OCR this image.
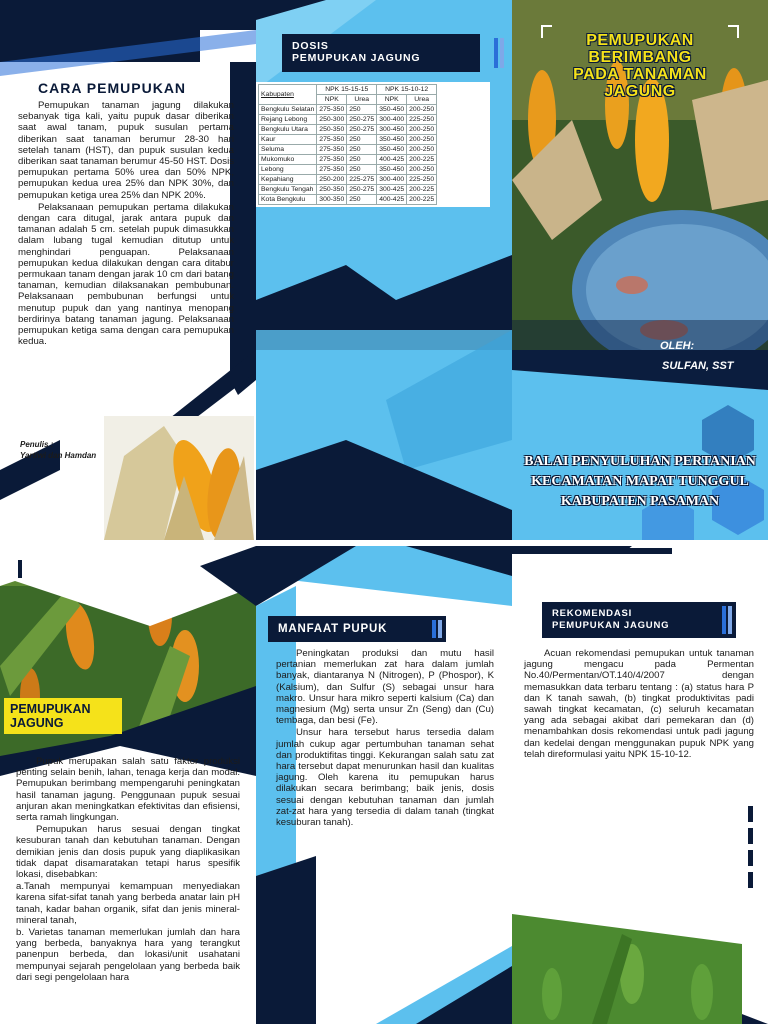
CARA PEMUPUKAN

Pemupukan tanaman jagung dilakukan sebanyak tiga kali, yaitu pupuk dasar diberikan saat awal tanam, pupuk susulan pertama diberikan saat tanaman berumur 28-30 hari setelah tanam (HST), dan pupuk susulan kedua diberikan saat tanaman berumur 45-50 HST. Dosis pemupukan pertama 50% urea dan 50% NPK, pemupukan kedua urea 25% dan NPK 30%, dan pemupukan ketiga urea 25% dan NPK 20%.

Pelaksanaan pemupukan pertama dilakukan dengan cara ditugal, jarak antara pupuk dan tamanan adalah 5 cm. setelah pupuk dimasukkan dalam lubang tugal kemudian ditutup untuk menghindari penguapan. Pelaksanaan pemupukan kedua dilakukan dengan cara ditabur permukaan tanam dengan jarak 10 cm dari batang tanaman, kemudian dilaksanakan pembubunan. Pelaksanaan pembubunan berfungsi untuk menutup pupuk dan yang nantinya menopang berdirinya batang tanaman jagung. Pelaksanaan pemupukan ketiga sama dengan cara pemupukan kedua.

Penulis :
Yartiwi dan Hamdan
DOSIS
PEMUPUKAN JAGUNG
Kabupaten	NPK 15-15-15		NPK 15-10-12	
	NPK	Urea	NPK	Urea
Bengkulu Selatan	275-350	250	350-450	200-250
Rejang Lebong	250-300	250-275	300-400	225-250
Bengkulu Utara	250-350	250-275	300-450	200-250
Kaur	275-350	250	350-450	200-250
Seluma	275-350	250	350-450	200-250
Mukomuko	275-350	250	400-425	200-225
Lebong	275-350	250	350-450	200-250
Kepahiang	250-200	225-275	300-400	225-250
Bengkulu Tengah	250-350	250-275	300-425	200-225
Kota Bengkulu	300-350	250	400-425	200-225
PEMUPUKAN
BERIMBANG
PADA TANAMAN
JAGUNG
OLEH:
SULFAN, SST
BALAI PENYULUHAN PERTANIAN
KECAMATAN MAPAT TUNGGUL
KABUPATEN PASAMAN
PEMUPUKAN
JAGUNG

Pupuk merupakan salah satu faktor produksi penting selain benih, lahan, tenaga kerja dan modal. Pemupukan berimbang mempengaruhi peningkatan hasil tanaman jagung. Penggunaan pupuk sesuai anjuran akan meningkatkan efektivitas dan efisiensi, serta ramah lingkungan.

Pemupukan harus sesuai dengan tingkat kesuburan tanah dan kebutuhan tanaman. Dengan demikian jenis dan dosis pupuk yang diaplikasikan tidak dapat disamaratakan tetapi harus spesifik lokasi, disebabkan:

a.Tanah mempunyai kemampuan menyediakan karena sifat-sifat tanah yang berbeda anatar lain pH tanah, kadar bahan organik, sifat dan jenis mineral-mineral tanah,

b. Varietas tanaman memerlukan jumlah dan hara yang berbeda, banyaknya hara yang terangkut panenpun berbeda, dan lokasi/unit usahatani mempunyai sejarah pengelolaan yang berbeda baik dari segi pengelolaan hara

MANFAAT PUPUK

Peningkatan produksi dan mutu hasil pertanian memerlukan zat hara dalam jumlah banyak, diantaranya N (Nitrogen), P (Phospor), K (Kalsium), dan Sulfur (S) sebagai unsur hara makro. Unsur hara mikro seperti kalsium (Ca) dan magnesium (Mg) serta unsur Zn (Seng) dan (Cu) tembaga, dan besi (Fe).

Unsur hara tersebut harus tersedia dalam jumlah cukup agar pertumbuhan tanaman sehat dan produktifitas tinggi. Kekurangan salah satu zat hara tersebut dapat menurunkan hasil dan kualitas jagung. Oleh karena itu pemupukan harus dilakukan secara berimbang; baik jenis, dosis sesuai dengan kebutuhan tanaman dan jumlah zat-zat hara yang tersedia di dalam tanah (tingkat kesuburan tanah).

REKOMENDASI
PEMUPUKAN JAGUNG

Acuan rekomendasi pemupukan untuk tanaman jagung mengacu pada Permentan No.40/Permentan/OT.140/4/2007 dengan memasukkan data terbaru tentang : (a) status hara P dan K tanah sawah, (b) tingkat produktivitas padi sawah tingkat kecamatan, (c) seluruh kecamatan yang ada sebagai akibat dari pemekaran dan (d) menambahkan dosis rekomendasi untuk padi jagung dan kedelai dengan menggunakan pupuk NPK yang telah direformulasi yaitu NPK 15-10-12.
